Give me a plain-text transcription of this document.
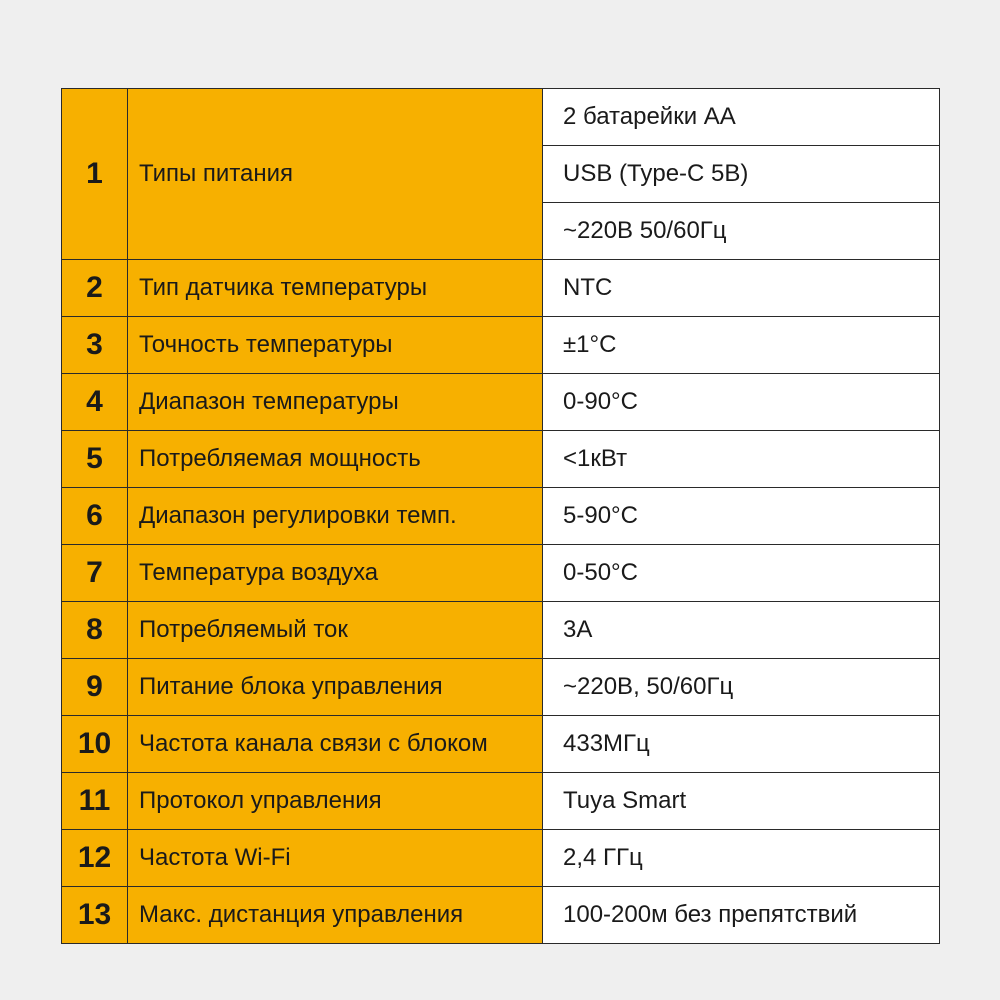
1	Типы питания	2 батарейки AA
		USB (Type-C 5В)
		~220В 50/60Гц
2	Тип датчика температуры	NTC
3	Точность температуры	±1°C
4	Диапазон температуры	0-90°C
5	Потребляемая мощность	<1кВт
6	Диапазон регулировки темп.	5-90°C
7	Температура воздуха	0-50°C
8	Потребляемый ток	3А
9	Питание блока управления	~220В, 50/60Гц
10	Частота канала связи с блоком	433МГц
11	Протокол управления	Tuya Smart
12	Частота Wi-Fi	2,4 ГГц
13	Макс. дистанция управления	100-200м без препятствий
